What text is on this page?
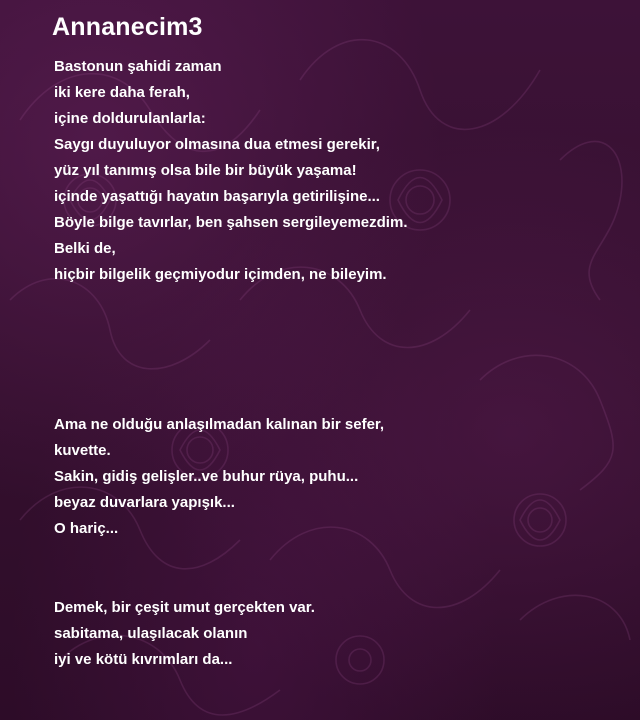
Annanecim3
Bastonun şahidi zaman
iki kere daha ferah,
içine doldurulanlarla:
Saygı duyuluyor olmasına dua etmesi gerekir,
yüz yıl tanımış olsa bile bir büyük yaşama!
içinde yaşattığı hayatın başarıyla getirilişine...
Böyle bilge tavırlar, ben şahsen sergileyemezdim.
Belki de,
hiçbir bilgelik geçmiyodur içimden, ne bileyim.
Ama ne olduğu anlaşılmadan kalınan bir sefer,
kuvette.
Sakin, gidiş gelişler..ve buhur rüya, puhu...
beyaz duvarlara yapışık...
O hariç...
Demek, bir çeşit umut gerçekten var.
sabitama, ulaşılacak olanın
iyi ve kötü kıvrımları da...
